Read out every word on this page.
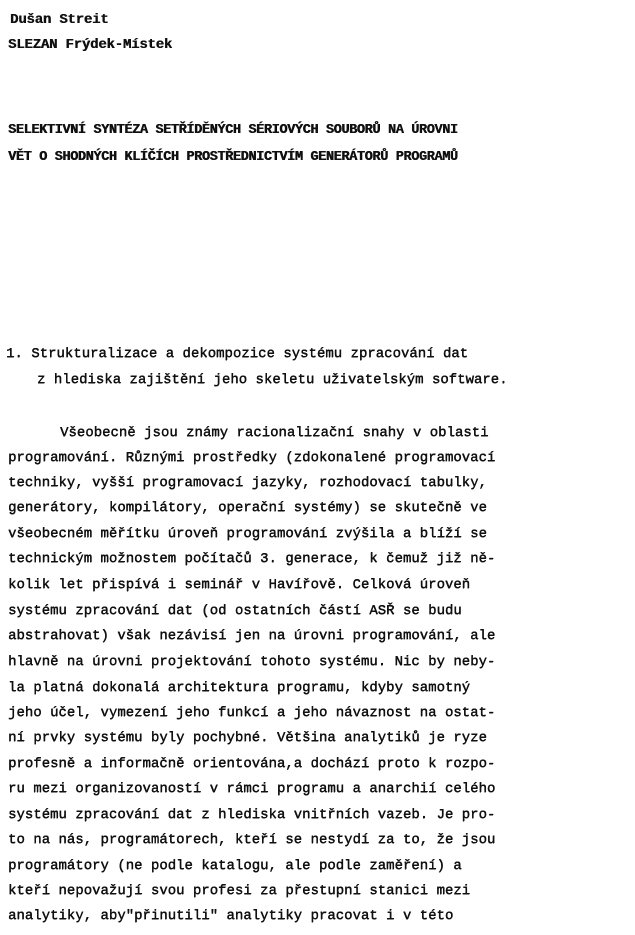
Dušan Streit
SLEZAN Frýdek-Místek
SELEKTIVNÍ SYNTÉZA SETŘÍDĚNÝCH SÉRIOVÝCH SOUBORŮ NA ÚROVNI
VĚT O SHODNÝCH KLÍČÍCH PROSTŘEDNICTVÍM GENERÁTORŮ PROGRAMŮ
1. Strukturalizace a dekompozice systému zpracování dat
z hlediska zajištění jeho skeletu uživatelským software.
Všeobecně jsou známy racionalizační snahy v oblasti
programování. Různými prostředky (zdokonalené programovací
techniky, vyšší programovací jazyky, rozhodovací tabulky,
generátory, kompilátory, operační systémy) se skutečně ve
všeobecném měřítku úroveň programování zvýšila a blíží se
technickým možnostem počítačů 3. generace, k čemuž již ně-
kolik let přispívá i seminář v Havířově. Celková úroveň
systému zpracování dat (od ostatních částí ASŘ se budu
abstrahovat) však nezávisí jen na úrovni programování, ale
hlavně na úrovni projektování tohoto systému. Nic by neby-
la platná dokonalá architektura programu, kdyby samotný
jeho účel, vymezení jeho funkcí a jeho návaznost na ostat-
ní prvky systému byly pochybné. Většina analytiků je ryze
profesně a informačně orientována,a dochází proto k rozpo-
ru mezi organizovaností v rámci programu a anarchií celého
systému zpracování dat z hlediska vnitřních vazeb. Je pro-
to na nás, programátorech, kteří se nestydí za to, že jsou
programátory (ne podle katalogu, ale podle zaměření) a
kteří nepovažují svou profesi za přestupní stanici mezi
analytiky, aby"přinutili" analytiky pracovat i v této
